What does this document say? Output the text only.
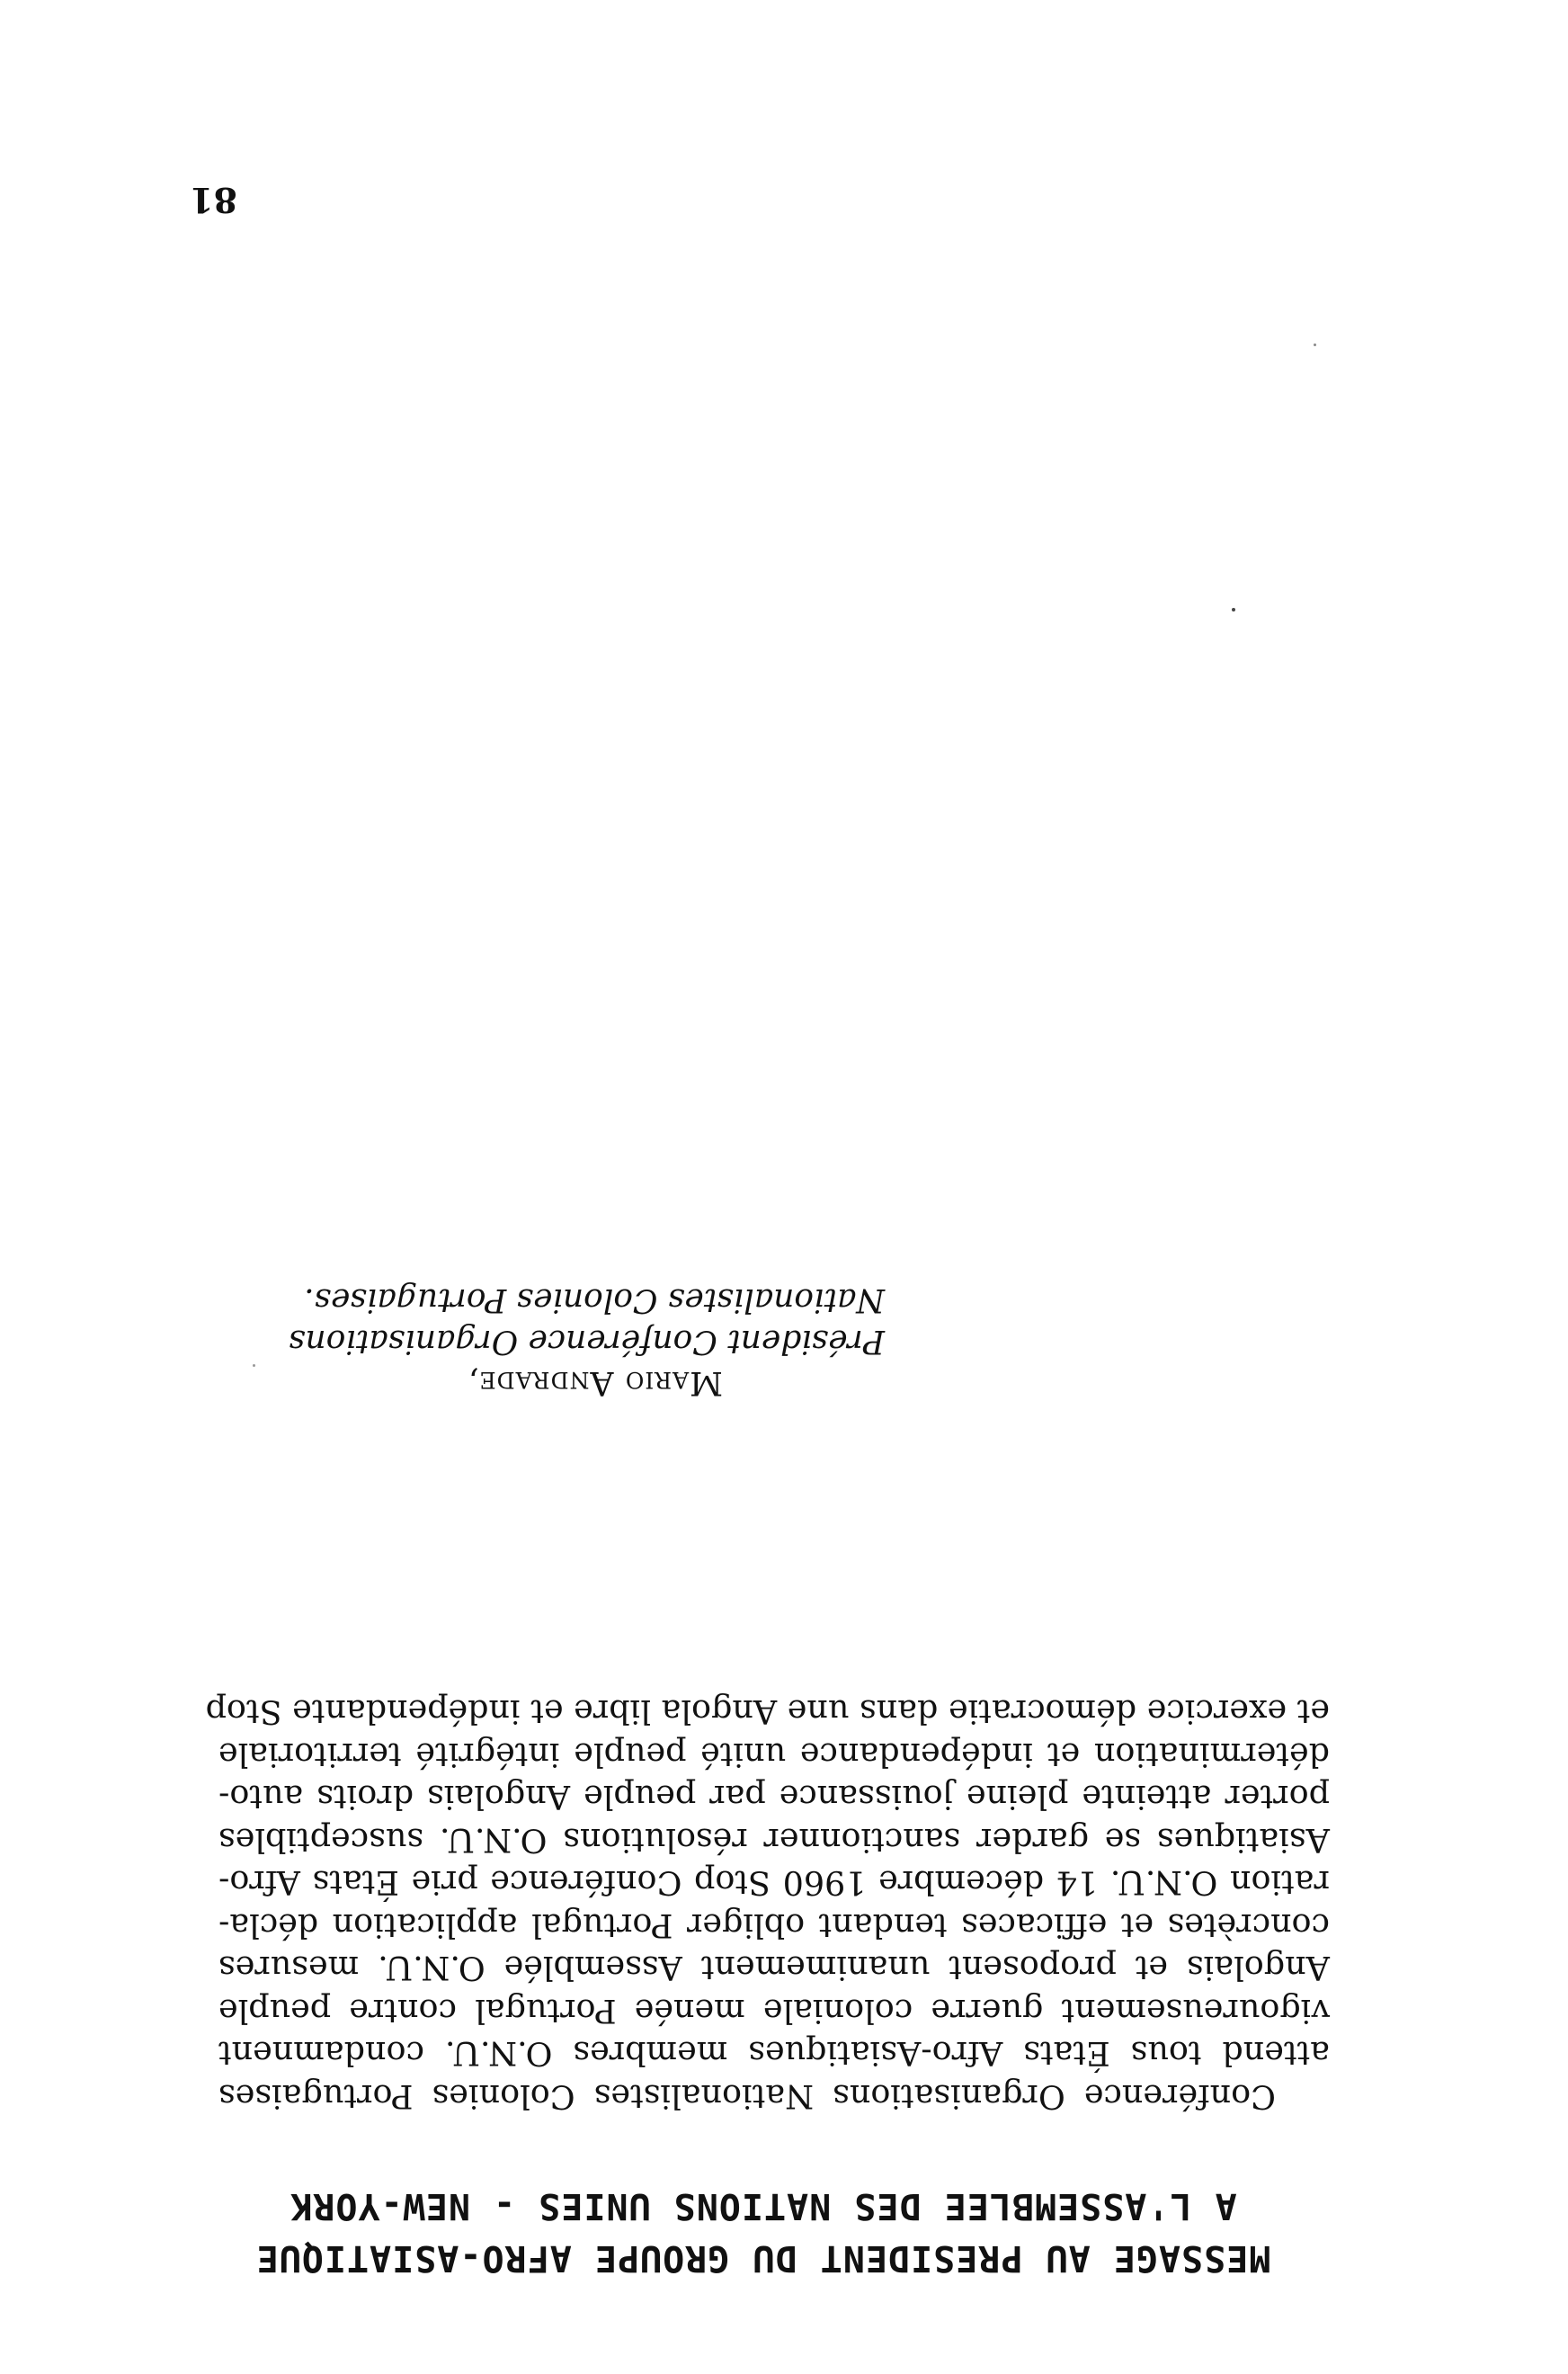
MESSAGE AU PRESIDENT DU GROUPE AFRO-ASIATIQUE
A L'ASSEMBLEE DES NATIONS UNIES - NEW-YORK
Conférence Organisations Nationalistes Colonies Portugaises
attend tous États Afro-Asiatiques membres O.N.U. condamnent
vigoureusement guerre coloniale menée Portugal contre peuple
Angolais et proposent unanimement Assemblée O.N.U. mesures
concrètes et efficaces tendant obliger Portugal application décla-
ration O.N.U. 14 décembre 1960 Stop Conférence prie États Afro-
Asiatiques se garder sanctionner résolutions O.N.U. susceptibles
porter atteinte pleine jouissance par peuple Angolais droits auto-
détermination et indépendance unité peuple intégrité territoriale
et exercice démocratie dans une Angola libre et indépendante Stop
Mario Andrade,
Président Conférence Organisations
Nationalistes Colonies Portugaises.
81
